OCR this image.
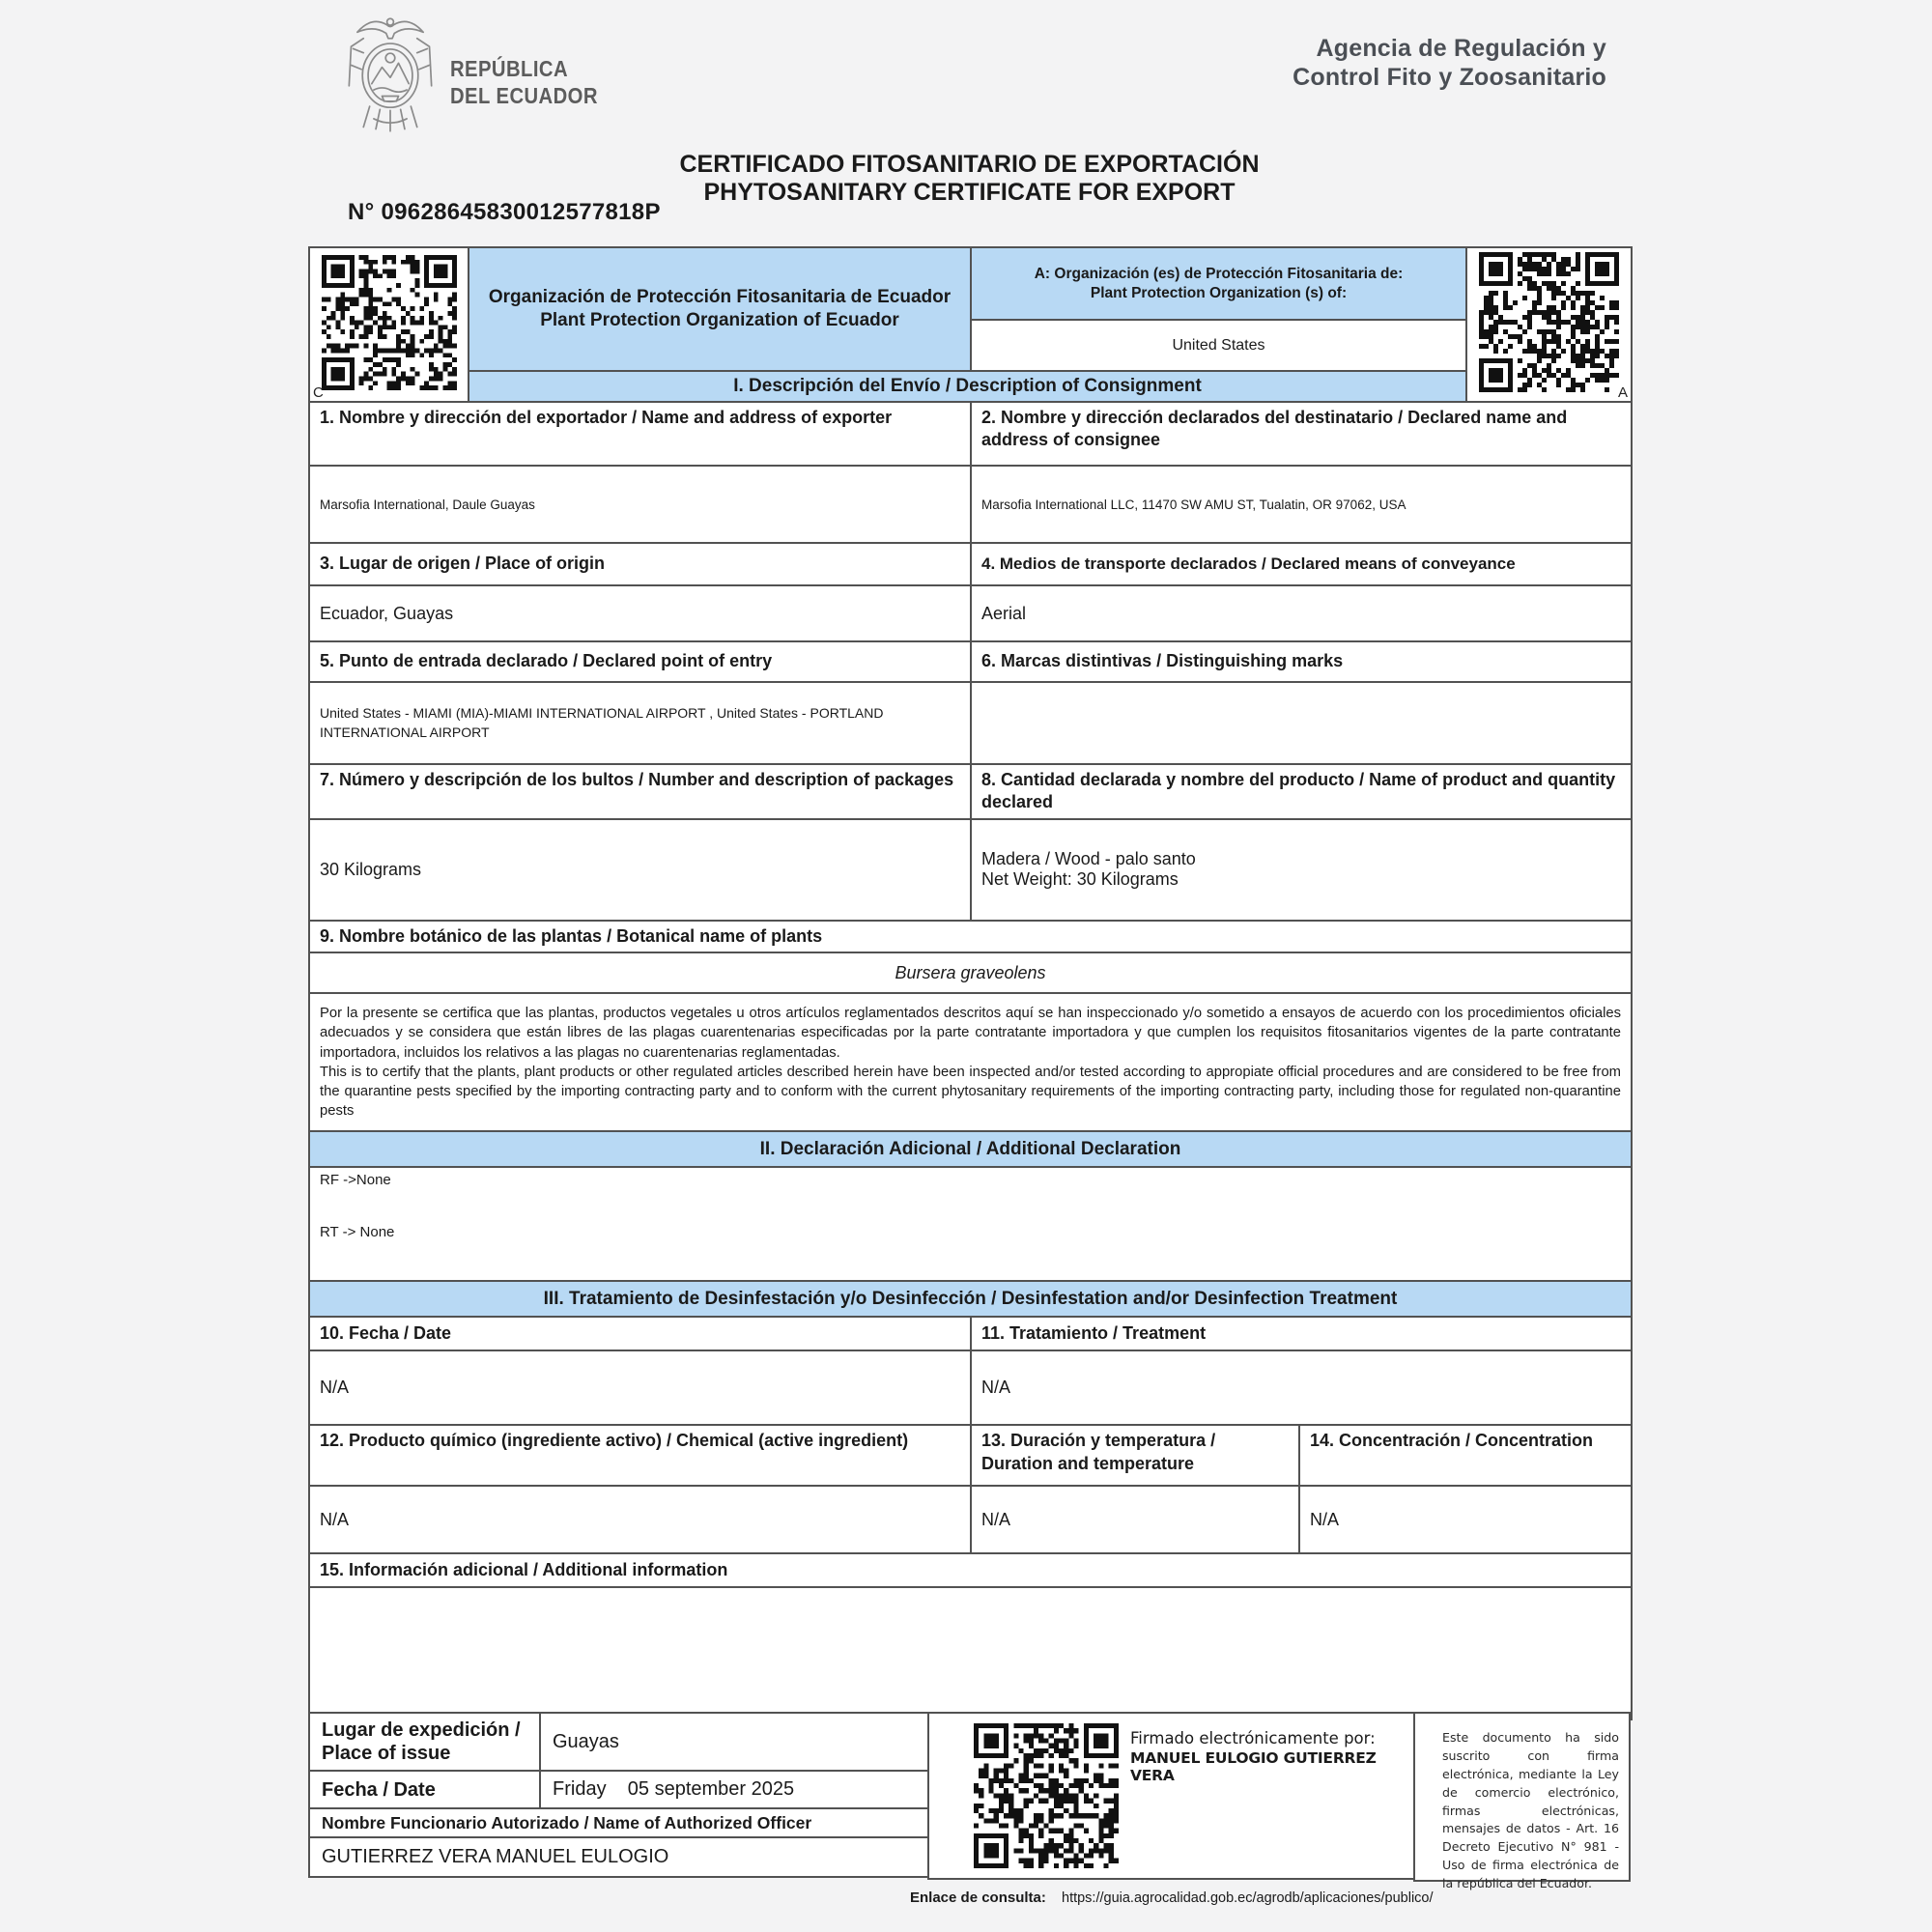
REPÚBLICA
DEL ECUADOR
Agencia de Regulación y
Control Fito y Zoosanitario
CERTIFICADO FITOSANITARIO DE EXPORTACIÓN
PHYTOSANITARY CERTIFICATE FOR EXPORT
N° 09628645830012577818P
C

Organización de Protección Fitosanitaria de Ecuador
Plant Protection Organization of Ecuador

A: Organización (es) de Protección Fitosanitaria de:
Plant Protection Organization (s) of:

A

		United States		
	I. Descripción del Envío / Description of Consignment			
1. Nombre y dirección del exportador / Name and address of exporter		2. Nombre y dirección declarados del destinatario / Declared name and address of consignee		
Marsofia International, Daule Guayas		Marsofia International LLC, 11470 SW AMU ST, Tualatin, OR 97062, USA		
3. Lugar de origen / Place of origin		4. Medios de transporte declarados / Declared means of conveyance		
Ecuador, Guayas		Aerial		
5. Punto de entrada declarado / Declared point of entry		6. Marcas distintivas / Distinguishing marks		
United States - MIAMI (MIA)-MIAMI INTERNATIONAL AIRPORT , United States - PORTLAND INTERNATIONAL AIRPORT				
7. Número y descripción de los bultos / Number and description of packages		8. Cantidad declarada y nombre del producto / Name of product and quantity declared		
30 Kilograms		Madera / Wood - palo santo
Net Weight: 30 Kilograms		

9. Nombre botánico de las plantas / Botanical name of plants				
Bursera graveolens				

Por la presente se certifica que las plantas, productos vegetales u otros artículos reglamentados descritos aquí se han inspeccionado y/o sometido a ensayos de acuerdo con los procedimientos oficiales adecuados y se considera que están libres de las plagas cuarentenarias especificadas por la parte contratante importadora y que cumplen los requisitos fitosanitarios vigentes de la parte contratante importadora, incluidos los relativos a las plagas no cuarentenarias reglamentadas.
This is to certify that the plants, plant products or other regulated articles described herein have been inspected and/or tested according to appropiate official procedures and are considered to be free from the quarantine pests specified by the importing contracting party and to conform with the current phytosanitary requirements of the importing contracting party, including those for regulated non-quarantine pests				

II. Declaración Adicional / Additional Declaration				

RF ->None
RT -> None				

III. Tratamiento de Desinfestación y/o Desinfección / Desinfestation and/or Desinfection Treatment				
10. Fecha / Date		11. Tratamiento / Treatment		
N/A		N/A		
12. Producto químico (ingrediente activo) / Chemical (active ingredient)		13. Duración y temperatura / Duration and temperature	14. Concentración / Concentration	
N/A		N/A	N/A	
15. Información adicional / Additional information				

Lugar de expedición / Place of issue	Guayas
Fecha / Date	Friday    05 september 2025
Nombre Funcionario Autorizado / Name of Authorized Officer	
GUTIERREZ VERA MANUEL EULOGIO	
Firmado electrónicamente por:
MANUEL EULOGIO GUTIERREZ VERA
Este documento ha sido suscrito con firma electrónica, mediante la Ley de comercio electrónico, firmas electrónicas, mensajes de datos - Art. 16 Decreto Ejecutivo N° 981 - Uso de firma electrónica de la república del Ecuador.
Enlace de consulta: https://guia.agrocalidad.gob.ec/agrodb/aplicaciones/publico/
